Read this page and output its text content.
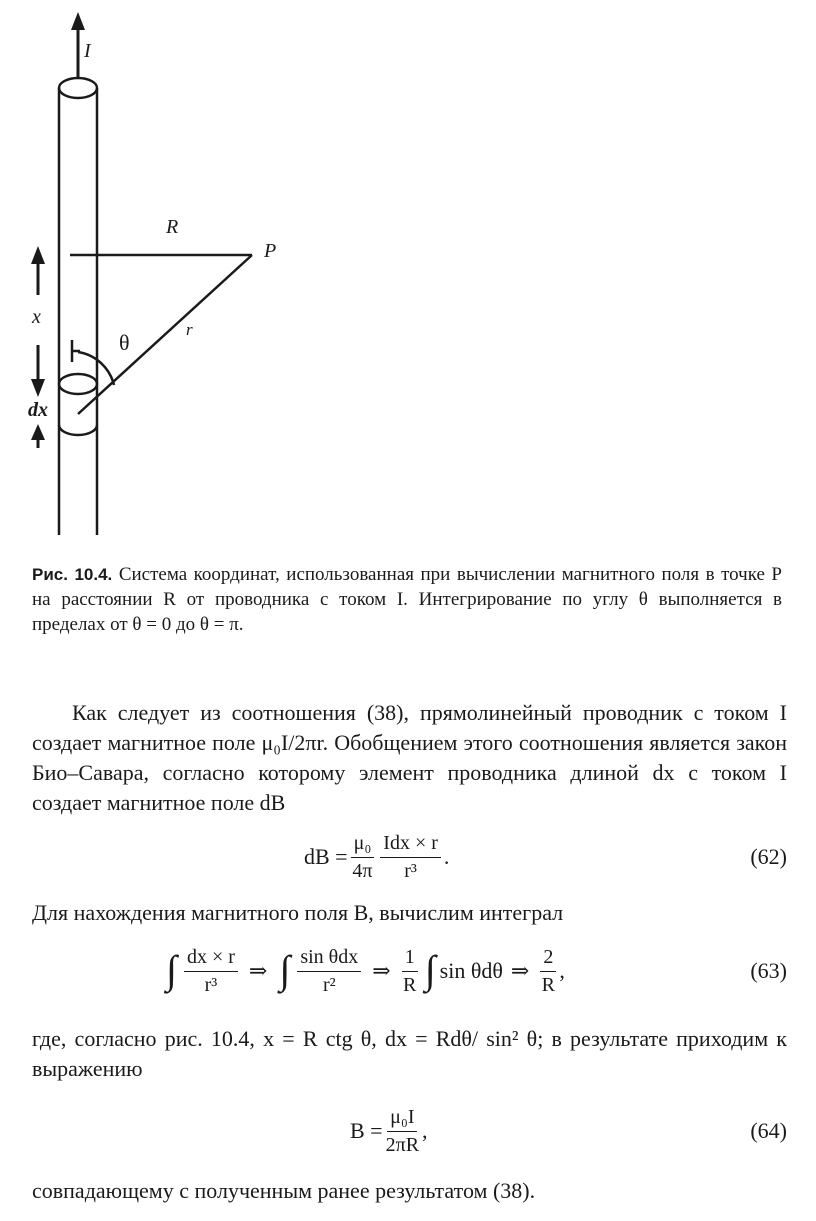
I
R
P
r
θ
x
dx
Рис. 10.4. Система координат, использованная при вычислении магнитного поля в точке P на расстоянии R от проводника с током I. Интегрирование по углу θ выполняется в пределах от θ = 0 до θ = π.
Как следует из соотношения (38), прямолинейный проводник с током I создает магнитное поле μ₀I/2πr. Обобщением этого соотношения является закон Био–Савара, согласно которому элемент проводника длиной dx с током I создает магнитное поле dB
dB = $\frac{\text{μ₀}}{4\pi} \frac{\text{Idx × r}}{\text{r³}}$ .	(62)
Для нахождения магнитного поля B, вычислим интеграл
∫ $\frac{dx \times r}{\text{r³}}$ ⇒ ∫ $\frac{\text{sin θdx}}{\text{r²}}$ ⇒ $\frac{1}{R}$ ∫ sin θdθ ⇒ $\frac{2}{R}$ ,	(63)
где, согласно рис. 10.4, x = R ctg θ, dx = Rdθ/ sin² θ; в результате приходим к выражению
$B = \frac{\text{μ₀I}}{2\pi R}$ ,	(64)
совпадающему с полученным ранее результатом (38).
